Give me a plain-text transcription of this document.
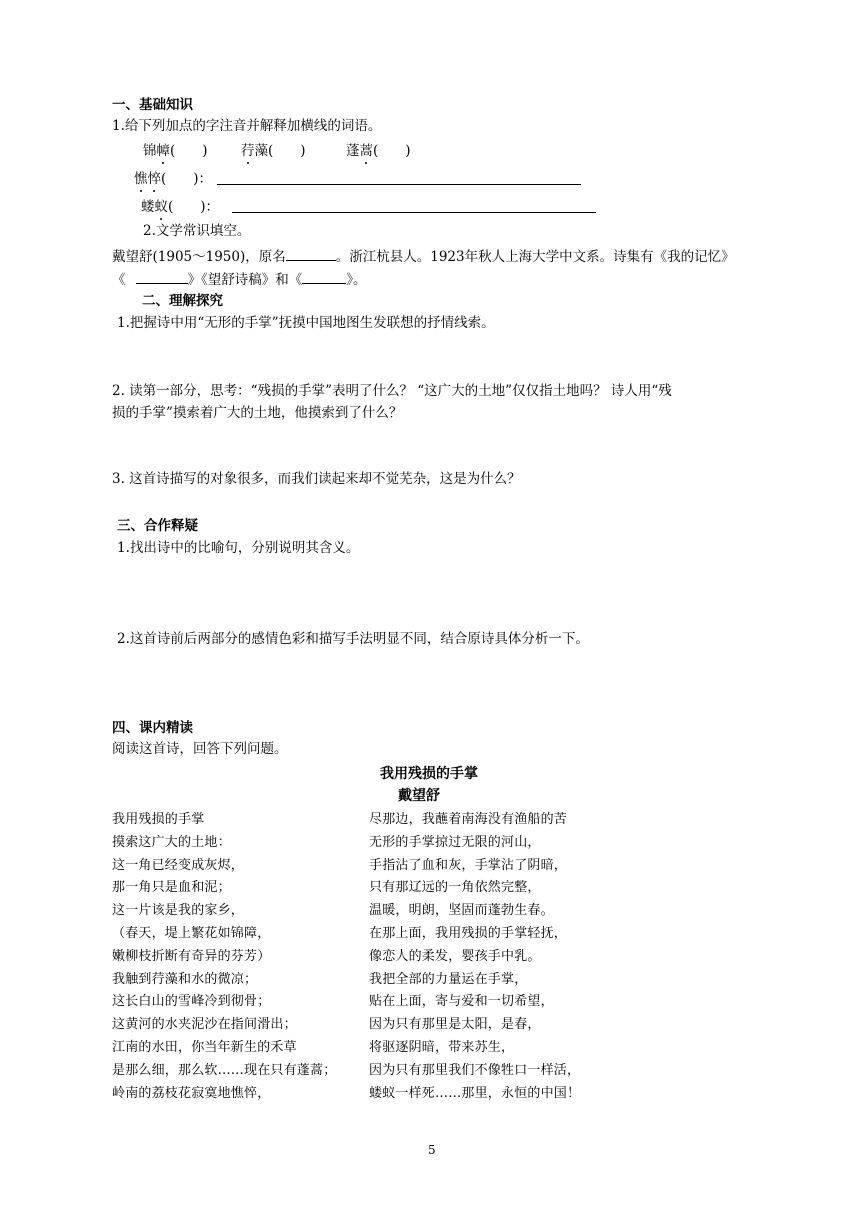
一、基础知识
1.给下列加点的字注音并解释加横线的词语。
锦幛(　　) 荇藻(　　)	蓬蒿(　　)
憔悴(　　)：
蝼蚁(　　)：
2.文学常识填空。
戴望舒(1905～1950)，原名	。浙江杭县人。1923年秋人上海大学中文系。诗集有《我的记忆》
《	》《望舒诗稿》和《	》。
二、理解探究
1.把握诗中用“无形的手掌”抚摸中国地图生发联想的抒情线索。
2. 读第一部分，思考：“残损的手掌”表明了什么？ “这广大的土地”仅仅指土地吗？ 诗人用“残
损的手掌”摸索着广大的土地，他摸索到了什么？
3. 这首诗描写的对象很多，而我们读起来却不觉芜杂，这是为什么？
三、合作释疑
1.找出诗中的比喻句，分别说明其含义。
2.这首诗前后两部分的感情色彩和描写手法明显不同，结合原诗具体分析一下。
四、课内精读
阅读这首诗，回答下列问题。
我用残损的手掌
戴望舒
我用残损的手掌
摸索这广大的土地：
这一角已经变成灰烬，
那一角只是血和泥；
这一片该是我的家乡，
（春天，堤上繁花如锦障，
嫩柳枝折断有奇异的芬芳）
我触到荇藻和水的微凉；
这长白山的雪峰冷到彻骨；
这黄河的水夹泥沙在指间滑出；
江南的水田，你当年新生的禾草
是那么细，那么软……现在只有蓬蒿；
岭南的荔枝花寂寞地憔悴，
尽那边，我蘸着南海没有渔船的苦
无形的手掌掠过无限的河山，
手指沾了血和灰，手掌沾了阴暗，
只有那辽远的一角依然完整，
温暖，明朗，坚固而蓬勃生春。
在那上面，我用残损的手掌轻抚，
像恋人的柔发，婴孩手中乳。
我把全部的力量运在手掌，
贴在上面，寄与爱和一切希望，
因为只有那里是太阳，是春，
将驱逐阴暗，带来苏生，
因为只有那里我们不像牲口一样活，
蝼蚁一样死……那里，永恒的中国！
5
